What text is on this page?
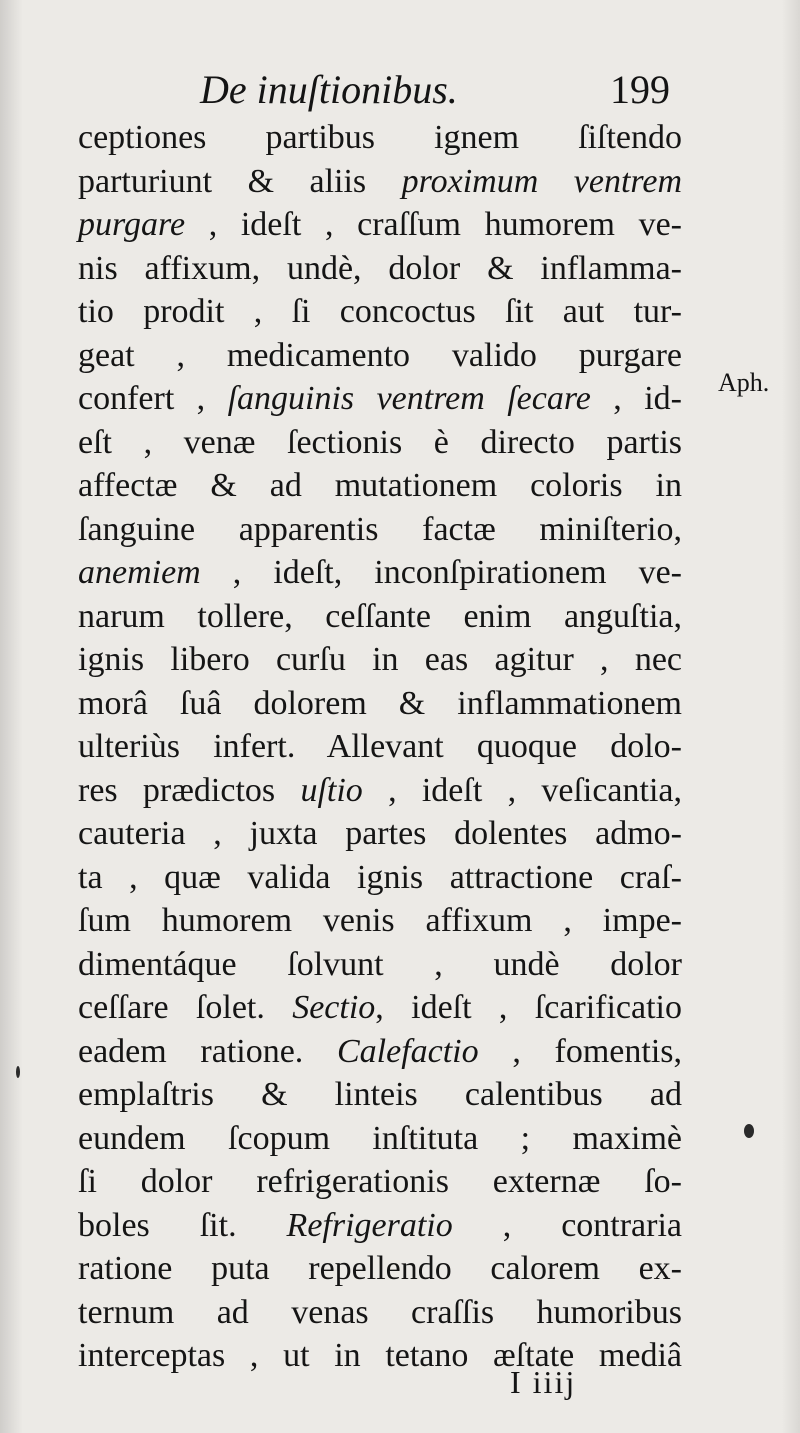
De inuſtionibus.	199
ceptiones partibus ignem ſiſtendo
parturiunt & aliis proximum ventrem
purgare , ideſt , craſſum humorem ve-
nis affixum, undè, dolor & inflamma-
tio prodit , ſi concoctus ſit aut tur-
geat , medicamento valido purgare
confert , ſanguinis ventrem ſecare , id-
eſt , venæ ſectionis è directo partis
affectæ & ad mutationem coloris in
ſanguine apparentis factæ miniſterio,
anemiem , ideſt, inconſpirationem ve-
narum tollere, ceſſante enim anguſtia,
ignis libero curſu in eas agitur , nec
morâ ſuâ dolorem & inflammationem
ulteriùs infert. Allevant quoque dolo-
res prædictos uſtio , ideſt , veſicantia,
cauteria , juxta partes dolentes admo-
ta , quæ valida ignis attractione craſ-
ſum humorem venis affixum , impe-
dimentáque ſolvunt , undè dolor
ceſſare ſolet. Sectio, ideſt , ſcarificatio
eadem ratione. Calefactio , fomentis,
emplaſtris & linteis calentibus ad
eundem ſcopum inſtituta ; maximè
ſi dolor refrigerationis externæ ſo-
boles ſit. Refrigeratio , contraria
ratione puta repellendo calorem ex-
ternum ad venas craſſis humoribus
interceptas , ut in tetano æſtate mediâ
Aph.
I iiij
